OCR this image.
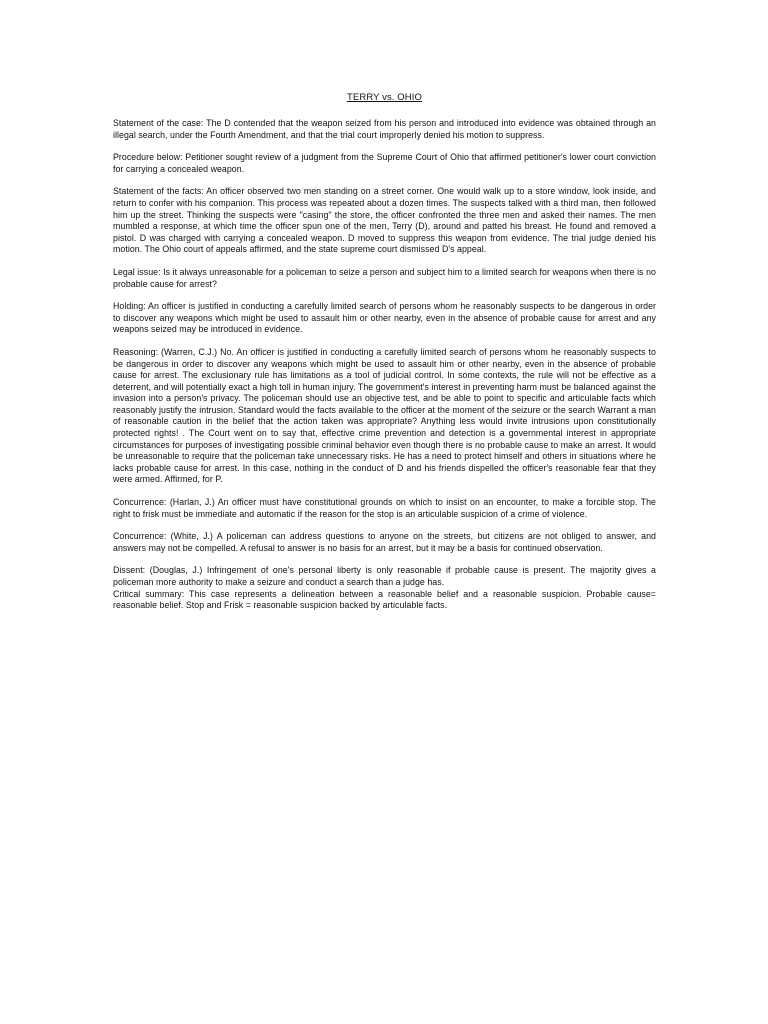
TERRY vs. OHIO

Statement of the case: The D contended that the weapon seized from his person and introduced into evidence was obtained through an illegal search, under the Fourth Amendment, and that the trial court improperly denied his motion to suppress.

Procedure below: Petitioner sought review of a judgment from the Supreme Court of Ohio that affirmed petitioner's lower court conviction for carrying a concealed weapon.

Statement of the facts: An officer observed two men standing on a street corner. One would walk up to a store window, look inside, and return to confer with his companion. This process was repeated about a dozen times. The suspects talked with a third man, then followed him up the street. Thinking the suspects were "casing" the store, the officer confronted the three men and asked their names. The men mumbled a response, at which time the officer spun one of the men, Terry (D), around and patted his breast. He found and removed a pistol. D was charged with carrying a concealed weapon. D moved to suppress this weapon from evidence. The trial judge denied his motion. The Ohio court of appeals affirmed, and the state supreme court dismissed D's appeal.

Legal issue: Is it always unreasonable for a policeman to seize a person and subject him to a limited search for weapons when there is no probable cause for arrest?

Holding: An officer is justified in conducting a carefully limited search of persons whom he reasonably suspects to be dangerous in order to discover any weapons which might be used to assault him or other nearby, even in the absence of probable cause for arrest and any weapons seized may be introduced in evidence.

Reasoning: (Warren, C.J.) No. An officer is justified in conducting a carefully limited search of persons whom he reasonably suspects to be dangerous in order to discover any weapons which might be used to assault him or other nearby, even in the absence of probable cause for arrest. The exclusionary rule has limitations as a tool of judicial control. In some contexts, the rule will not be effective as a deterrent, and will potentially exact a high toll in human injury. The government's interest in preventing harm must be balanced against the invasion into a person's privacy. The policeman should use an objective test, and be able to point to specific and articulable facts which reasonably justify the intrusion. Standard would the facts available to the officer at the moment of the seizure or the search Warrant a man of reasonable caution in the belief that the action taken was appropriate? Anything less would invite intrusions upon constitutionally protected rights! . The Court went on to say that, effective crime prevention and detection is a governmental interest in appropriate circumstances for purposes of investigating possible criminal behavior even though there is no probable cause to make an arrest. It would be unreasonable to require that the policeman take unnecessary risks. He has a need to protect himself and others in situations where he lacks probable cause for arrest. In this case, nothing in the conduct of D and his friends dispelled the officer's reasonable fear that they were armed. Affirmed, for P.

Concurrence: (Harlan, J.) An officer must have constitutional grounds on which to insist on an encounter, to make a forcible stop. The right to frisk must be immediate and automatic if the reason for the stop is an articulable suspicion of a crime of violence.

Concurrence: (White, J.) A policeman can address questions to anyone on the streets, but citizens are not obliged to answer, and answers may not be compelled. A refusal to answer is no basis for an arrest, but it may be a basis for continued observation.

Dissent: (Douglas, J.) Infringement of one's personal liberty is only reasonable if probable cause is present. The majority gives a policeman more authority to make a seizure and conduct a search than a judge has.

Critical summary: This case represents a delineation between a reasonable belief and a reasonable suspicion. Probable cause= reasonable belief. Stop and Frisk = reasonable suspicion backed by articulable facts.
